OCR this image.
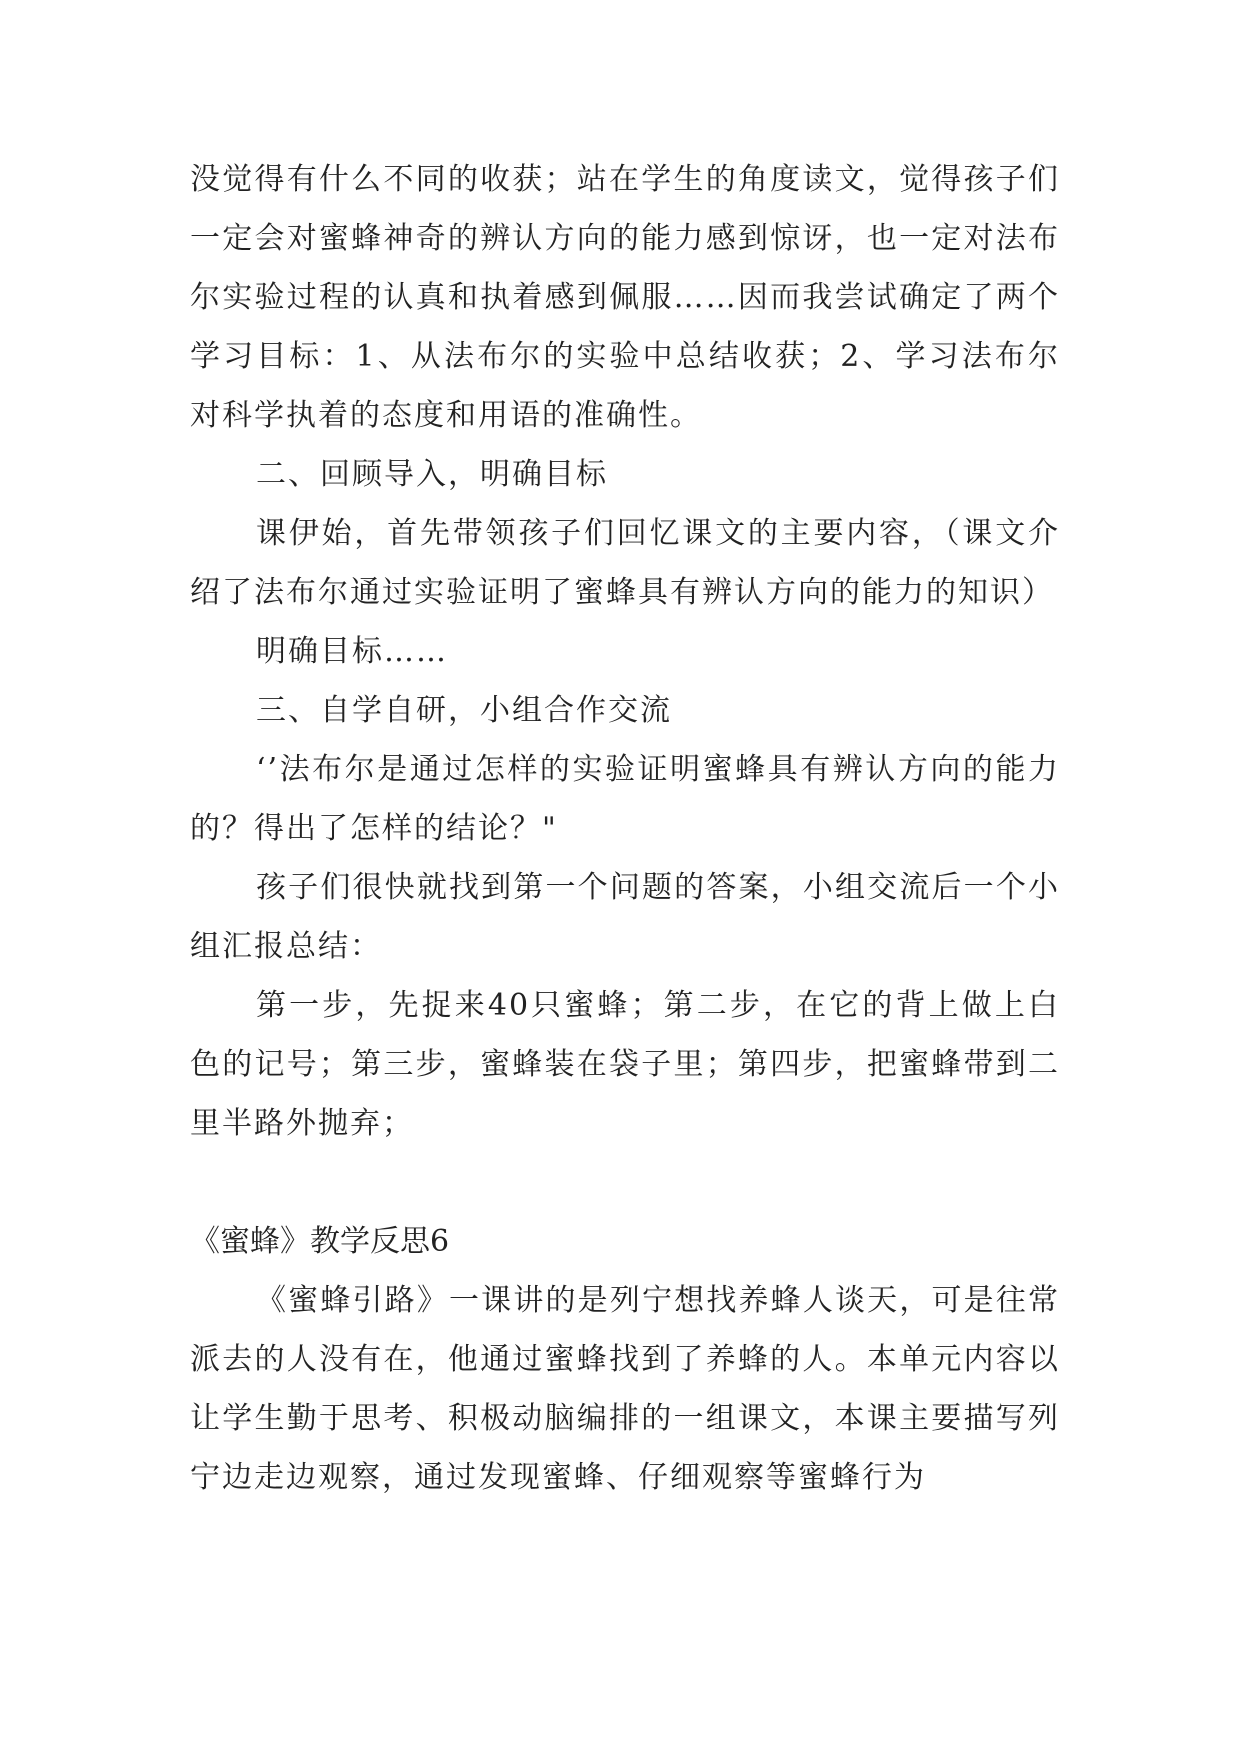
没觉得有什么不同的收获；站在学生的角度读文，觉得孩子们一定会对蜜蜂神奇的辨认方向的能力感到惊讶，也一定对法布尔实验过程的认真和执着感到佩服……因而我尝试确定了两个学习目标：1、从法布尔的实验中总结收获；2、学习法布尔对科学执着的态度和用语的准确性。

二、回顾导入，明确目标

课伊始，首先带领孩子们回忆课文的主要内容，（课文介绍了法布尔通过实验证明了蜜蜂具有辨认方向的能力的知识）

明确目标……

三、自学自研，小组合作交流

‘’法布尔是通过怎样的实验证明蜜蜂具有辨认方向的能力的？得出了怎样的结论？"

孩子们很快就找到第一个问题的答案，小组交流后一个小组汇报总结：

第一步，先捉来40只蜜蜂；第二步，在它的背上做上白色的记号；第三步，蜜蜂装在袋子里；第四步，把蜜蜂带到二里半路外抛弃；

《蜜蜂》教学反思6

《蜜蜂引路》一课讲的是列宁想找养蜂人谈天，可是往常派去的人没有在，他通过蜜蜂找到了养蜂的人。本单元内容以让学生勤于思考、积极动脑编排的一组课文，本课主要描写列宁边走边观察，通过发现蜜蜂、仔细观察等蜜蜂行为
